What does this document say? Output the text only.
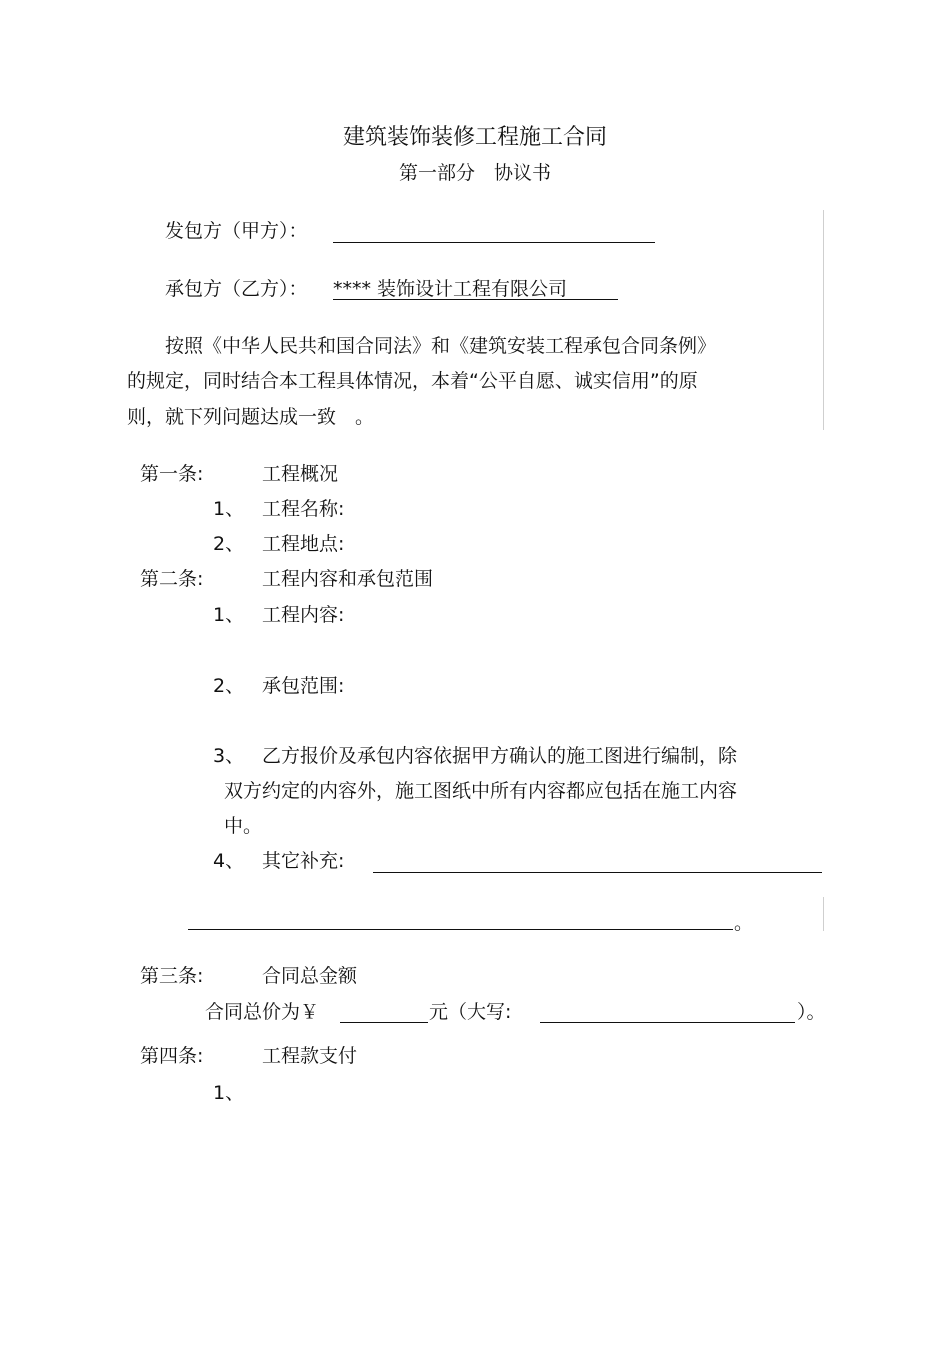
建筑装饰装修工程施工合同
第一部分　协议书
发包方（甲方）：
承包方（乙方）： **** 装饰设计工程有限公司
按照《中华人民共和国合同法》和《建筑安装工程承包合同条例》
的规定，同时结合本工程具体情况，本着“公平自愿、诚实信用”的原
则，就下列问题达成一致　。
第一条:	工程概况
1、 工程名称:
2、 工程地点:
第二条:	工程内容和承包范围
1、 工程内容:
2、 承包范围:
3、 乙方报价及承包内容依据甲方确认的施工图进行编制，除
双方约定的内容外，施工图纸中所有内容都应包括在施工内容
中。
4、 其它补充:
。
第三条:	合同总金额
合同总价为￥	元（大写:	）。
第四条:	工程款支付
1、
